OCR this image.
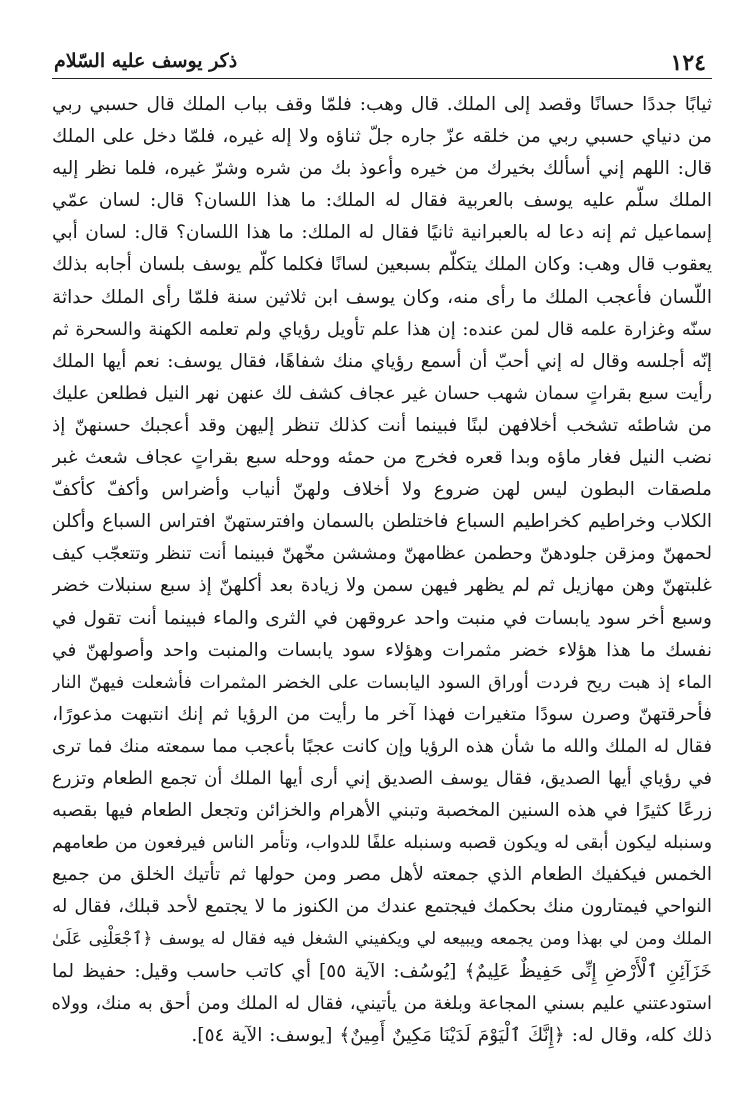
١٢٤
ذكر يوسف عليه السّلام
ثيابًا جددًا حسانًا وقصد إلى الملك. قال وهب: فلمّا وقف بباب الملك قال حسبي ربي
من دنياي حسبي ربي من خلقه عزّ جاره جلّ ثناؤه ولا إله غيره، فلمّا دخل على الملك
قال: اللهم إني أسألك بخيرك من خيره وأعوذ بك من شره وشرّ غيره، فلما نظر إليه
الملك سلّم عليه يوسف بالعربية فقال له الملك: ما هذا اللسان؟ قال: لسان عمّي
إسماعيل ثم إنه دعا له بالعبرانية ثانيًا فقال له الملك: ما هذا اللسان؟ قال: لسان أبي
يعقوب قال وهب: وكان الملك يتكلّم بسبعين لسانًا فكلما كلّم يوسف بلسان أجابه بذلك
اللّسان فأعجب الملك ما رأى منه، وكان يوسف ابن ثلاثين سنة فلمّا رأى الملك حداثة
سنّه وغزارة علمه قال لمن عنده: إن هذا علم تأويل رؤياي ولم تعلمه الكهنة والسحرة ثم
إنّه أجلسه وقال له إني أحبّ أن أسمع رؤياي منك شفاهًا، فقال يوسف: نعم أيها الملك
رأيت سبع بقراتٍ سمان شهب حسان غير عجاف كشف لك عنهن نهر النيل فطلعن عليك
من شاطئه تشخب أخلافهن لبنًا فبينما أنت كذلك تنظر إليهن وقد أعجبك حسنهنّ إذ
نضب النيل فغار ماؤه وبدا قعره فخرج من حمئه ووحله سبع بقراتٍ عجاف شعث غبر
ملصقات البطون ليس لهن ضروع ولا أخلاف ولهنّ أنياب وأضراس وأكفّ كأكفّ
الكلاب وخراطيم كخراطيم السباع فاختلطن بالسمان وافترستهنّ افتراس السباع وأكلن
لحمهنّ ومزقن جلودهنّ وحطمن عظامهنّ ومششن مخّهنّ فبينما أنت تنظر وتتعجّب كيف
غلبتهنّ وهن مهازيل ثم لم يظهر فيهن سمن ولا زيادة بعد أكلهنّ إذ سبع سنبلات خضر
وسبع أخر سود يابسات في منبت واحد عروقهن في الثرى والماء فبينما أنت تقول في
نفسك ما هذا هؤلاء خضر مثمرات وهؤلاء سود يابسات والمنبت واحد وأصولهنّ في
الماء إذ هبت ريح فردت أوراق السود اليابسات على الخضر المثمرات فأشعلت فيهنّ النار
فأحرقتهنّ وصرن سودًا متغيرات فهذا آخر ما رأيت من الرؤيا ثم إنك انتبهت مذعورًا،
فقال له الملك والله ما شأن هذه الرؤيا وإن كانت عجبًا بأعجب مما سمعته منك فما ترى
في رؤياي أيها الصديق، فقال يوسف الصديق إني أرى أيها الملك أن تجمع الطعام وتزرع
زرعًا كثيرًا في هذه السنين المخصبة وتبني الأهرام والخزائن وتجعل الطعام فيها بقصبه
وسنبله ليكون أبقى له ويكون قصبه وسنبله علفًا للدواب، وتأمر الناس فيرفعون من طعامهم
الخمس فيكفيك الطعام الذي جمعته لأهل مصر ومن حولها ثم تأتيك الخلق من جميع
النواحي فيمتارون منك بحكمك فيجتمع عندك من الكنوز ما لا يجتمع لأحد قبلك، فقال له
الملك ومن لي بهذا ومن يجمعه ويبيعه لي ويكفيني الشغل فيه فقال له يوسف ﴿ٱجْعَلْنِى عَلَىٰ
خَزَآئِنِ ٱلْأَرْضِ إِنِّى حَفِيظٌ عَلِيمٌ﴾ [يُوسُف: الآية ٥٥] أي كاتب حاسب وقيل: حفيظ لما
استودعتني عليم بسني المجاعة وبلغة من يأتيني، فقال له الملك ومن أحق به منك، وولاه
ذلك كله، وقال له: ﴿إِنَّكَ ٱلْيَوْمَ لَدَيْنَا مَكِينٌ أَمِينٌ﴾ [يوسف: الآية ٥٤].
